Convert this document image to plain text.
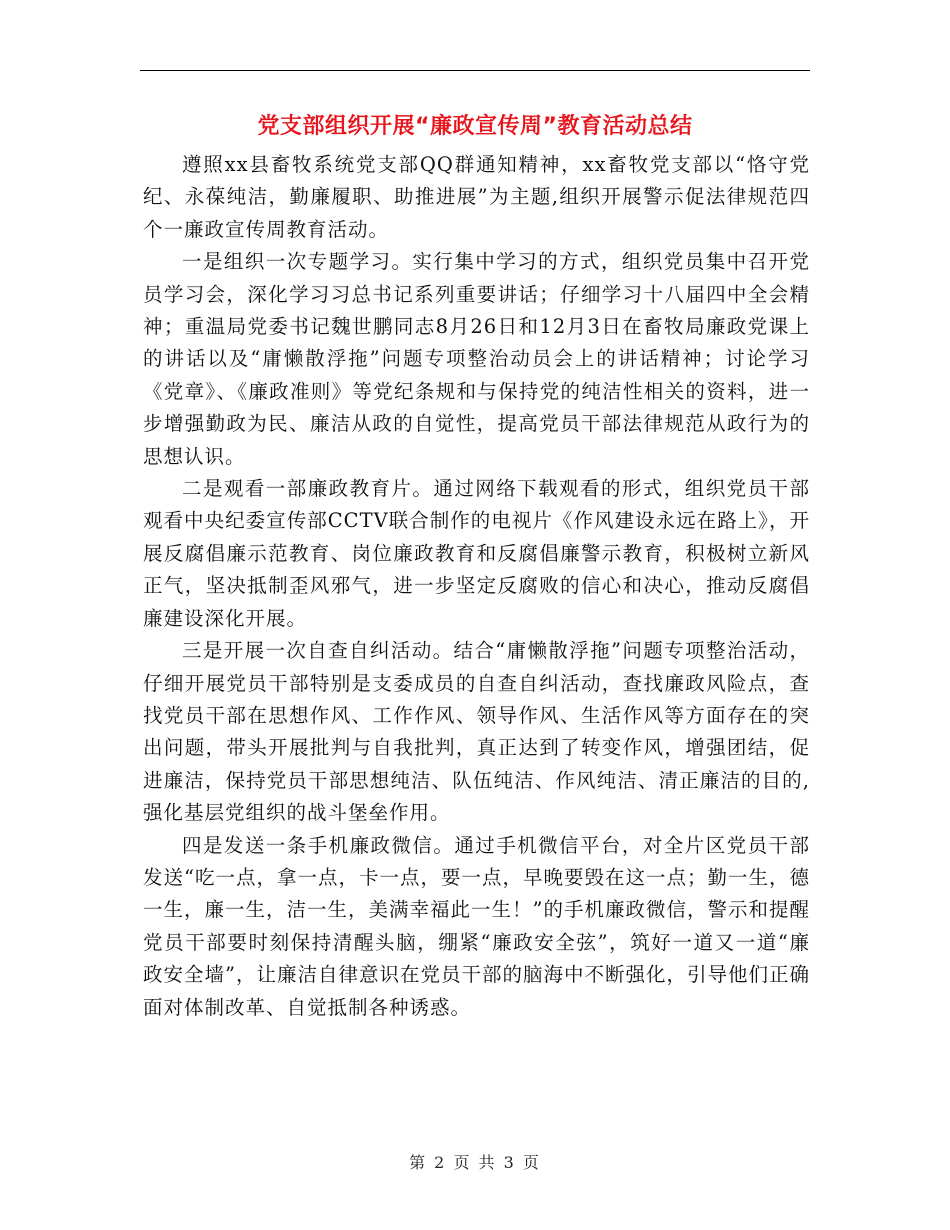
党支部组织开展“廉政宣传周”教育活动总结

遵照xx县畜牧系统党支部QQ群通知精神，xx畜牧党支部以“恪守党纪、永葆纯洁，勤廉履职、助推进展”为主题,组织开展警示促法律规范四个一廉政宣传周教育活动。

一是组织一次专题学习。实行集中学习的方式，组织党员集中召开党员学习会，深化学习习总书记系列重要讲话；仔细学习十八届四中全会精神；重温局党委书记魏世鹏同志8月26日和12月3日在畜牧局廉政党课上的讲话以及“庸懒散浮拖”问题专项整治动员会上的讲话精神；讨论学习《党章》、《廉政准则》等党纪条规和与保持党的纯洁性相关的资料，进一步增强勤政为民、廉洁从政的自觉性，提高党员干部法律规范从政行为的思想认识。

二是观看一部廉政教育片。通过网络下载观看的形式，组织党员干部观看中央纪委宣传部CCTV联合制作的电视片《作风建设永远在路上》，开展反腐倡廉示范教育、岗位廉政教育和反腐倡廉警示教育，积极树立新风正气，坚决抵制歪风邪气，进一步坚定反腐败的信心和决心，推动反腐倡廉建设深化开展。

三是开展一次自查自纠活动。结合“庸懒散浮拖”问题专项整治活动，仔细开展党员干部特别是支委成员的自查自纠活动，查找廉政风险点，查找党员干部在思想作风、工作作风、领导作风、生活作风等方面存在的突出问题，带头开展批判与自我批判，真正达到了转变作风，增强团结，促进廉洁，保持党员干部思想纯洁、队伍纯洁、作风纯洁、清正廉洁的目的,强化基层党组织的战斗堡垒作用。

四是发送一条手机廉政微信。通过手机微信平台，对全片区党员干部发送“吃一点，拿一点，卡一点，要一点，早晚要毁在这一点；勤一生，德一生，廉一生，洁一生，美满幸福此一生！”的手机廉政微信，警示和提醒党员干部要时刻保持清醒头脑，绷紧“廉政安全弦”，筑好一道又一道“廉政安全墙”，让廉洁自律意识在党员干部的脑海中不断强化，引导他们正确面对体制改革、自觉抵制各种诱惑。

第 2 页 共 3 页
